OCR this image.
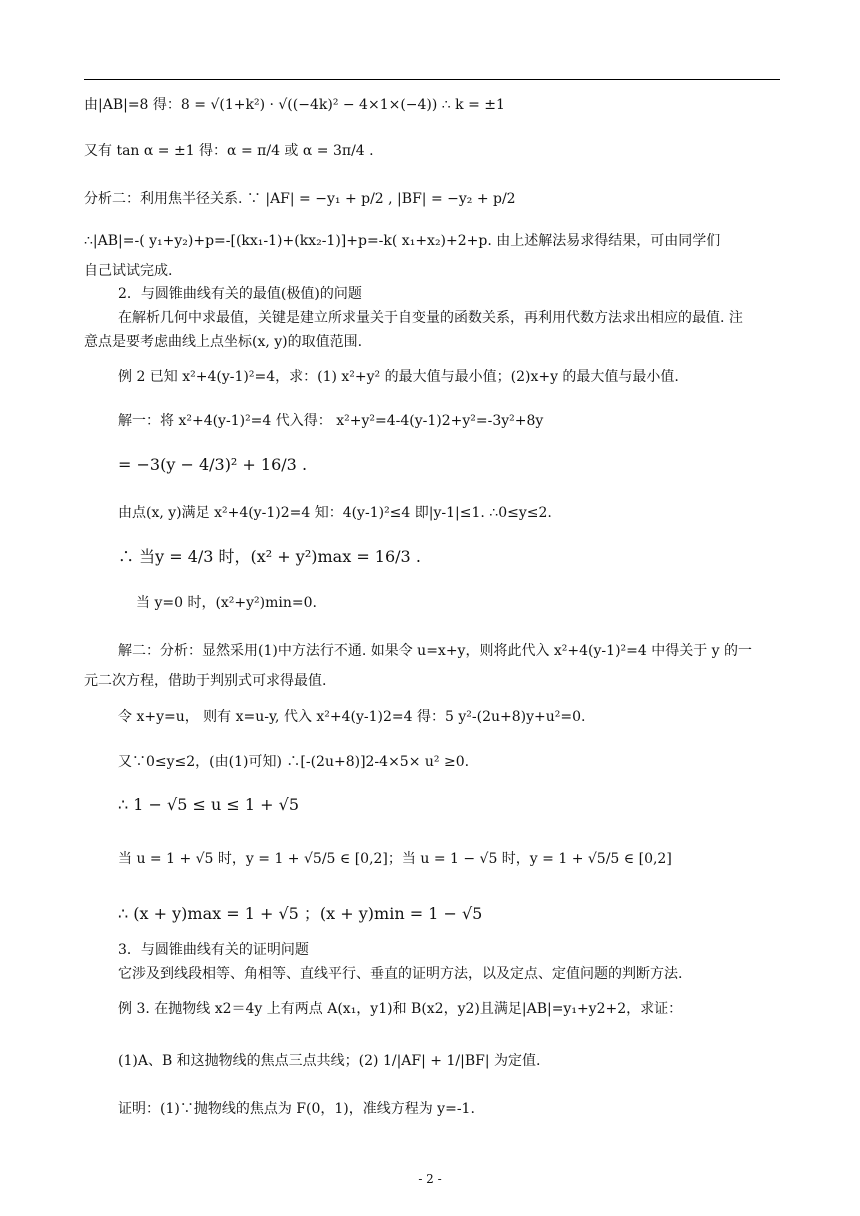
由|AB|=8 得：8 = √(1+k²) · √((−4k)² − 4×1×(−4)) ∴ k = ±1
又有 tan α = ±1 得：α = π/4 或 α = 3π/4 .
分析二：利用焦半径关系. ∵ |AF| = −y₁ + p/2 , |BF| = −y₂ + p/2
∴|AB|=-( y₁+y₂)+p=-[(kx₁-1)+(kx₂-1)]+p=-k( x₁+x₂)+2+p. 由上述解法易求得结果，可由同学们
自己试试完成.
2．与圆锥曲线有关的最值(极值)的问题
在解析几何中求最值，关键是建立所求量关于自变量的函数关系，再利用代数方法求出相应的最值. 注
意点是要考虑曲线上点坐标(x, y)的取值范围.
例 2 已知 x²+4(y-1)²=4，求：(1) x²+y² 的最大值与最小值；(2)x+y 的最大值与最小值.
解一：将 x²+4(y-1)²=4 代入得： x²+y²=4-4(y-1)2+y²=-3y²+8y
= −3(y − 4/3)² + 16/3 .
由点(x, y)满足 x²+4(y-1)2=4 知：4(y-1)²≤4 即|y-1|≤1. ∴0≤y≤2.
∴ 当y = 4/3 时，(x² + y²)max = 16/3 .
当 y=0 时，(x²+y²)min=0.
解二：分析：显然采用(1)中方法行不通. 如果令 u=x+y，则将此代入 x²+4(y-1)²=4 中得关于 y 的一
元二次方程，借助于判别式可求得最值.
令 x+y=u， 则有 x=u-y, 代入 x²+4(y-1)2=4 得：5 y²-(2u+8)y+u²=0.
又∵0≤y≤2，(由(1)可知) ∴[-(2u+8)]2-4×5× u² ≥0.
∴ 1 − √5 ≤ u ≤ 1 + √5
当 u = 1 + √5 时，y = 1 + √5/5 ∈ [0,2]；当 u = 1 − √5 时，y = 1 + √5/5 ∈ [0,2]
∴ (x + y)max = 1 + √5 ；(x + y)min = 1 − √5
3．与圆锥曲线有关的证明问题
它涉及到线段相等、角相等、直线平行、垂直的证明方法，以及定点、定值问题的判断方法.
例 3. 在抛物线 x2＝4y 上有两点 A(x₁，y1)和 B(x2，y2)且满足|AB|=y₁+y2+2，求证：
(1)A、B 和这抛物线的焦点三点共线；(2) 1/|AF| + 1/|BF| 为定值.
证明：(1)∵抛物线的焦点为 F(0，1)，准线方程为 y=-1.
- 2 -
